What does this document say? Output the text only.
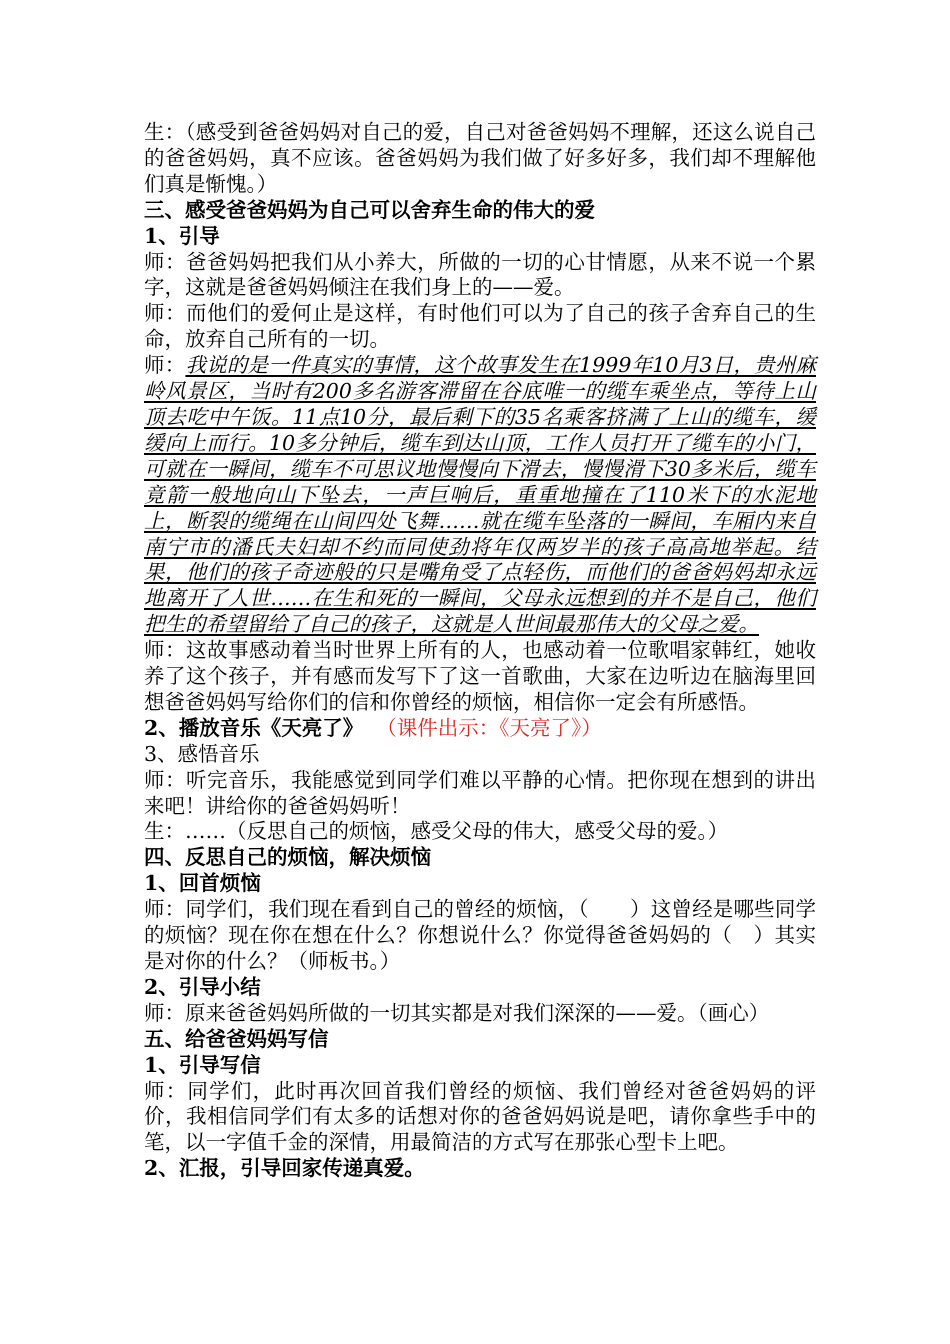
生：（感受到爸爸妈妈对自己的爱，自己对爸爸妈妈不理解，还这么说自己的爸爸妈妈，真不应该。爸爸妈妈为我们做了好多好多，我们却不理解他们真是惭愧。）

三、感受爸爸妈妈为自己可以舍弃生命的伟大的爱

1、引导

师：爸爸妈妈把我们从小养大，所做的一切的心甘情愿，从来不说一个累字，这就是爸爸妈妈倾注在我们身上的——爱。

师：而他们的爱何止是这样，有时他们可以为了自己的孩子舍弃自己的生命，放弃自己所有的一切。

师：我说的是一件真实的事情，这个故事发生在1999年10月3日，贵州麻岭风景区，当时有200多名游客滞留在谷底唯一的缆车乘坐点，等待上山顶去吃中午饭。11点10分，最后剩下的35名乘客挤满了上山的缆车，缓缓向上而行。10多分钟后，缆车到达山顶，工作人员打开了缆车的小门，可就在一瞬间，缆车不可思议地慢慢向下滑去，慢慢滑下30多米后，缆车竟箭一般地向山下坠去，一声巨响后，重重地撞在了110米下的水泥地上，断裂的缆绳在山间四处飞舞……就在缆车坠落的一瞬间，车厢内来自南宁市的潘氏夫妇却不约而同使劲将年仅两岁半的孩子高高地举起。结果，他们的孩子奇迹般的只是嘴角受了点轻伤，而他们的爸爸妈妈却永远地离开了人世……在生和死的一瞬间，父母永远想到的并不是自己，他们把生的希望留给了自己的孩子，这就是人世间最那伟大的父母之爱。

师：这故事感动着当时世界上所有的人，也感动着一位歌唱家韩红，她收养了这个孩子，并有感而发写下了这一首歌曲，大家在边听边在脑海里回想爸爸妈妈写给你们的信和你曾经的烦恼，相信你一定会有所感悟。

2、播放音乐《天亮了》 （课件出示：《天亮了》）

3、感悟音乐

师：听完音乐，我能感觉到同学们难以平静的心情。把你现在想到的讲出来吧！讲给你的爸爸妈妈听！

生：……（反思自己的烦恼，感受父母的伟大，感受父母的爱。）

四、反思自己的烦恼，解决烦恼

1、回首烦恼

师：同学们，我们现在看到自己的曾经的烦恼，（　　）这曾经是哪些同学的烦恼？现在你在想在什么？你想说什么？你觉得爸爸妈妈的（　）其实是对你的什么？（师板书。）

2、引导小结

师：原来爸爸妈妈所做的一切其实都是对我们深深的——爱。（画心）

五、给爸爸妈妈写信

1、引导写信

师：同学们，此时再次回首我们曾经的烦恼、我们曾经对爸爸妈妈的评价，我相信同学们有太多的话想对你的爸爸妈妈说是吧，请你拿些手中的笔，以一字值千金的深情，用最简洁的方式写在那张心型卡上吧。

2、汇报，引导回家传递真爱。
